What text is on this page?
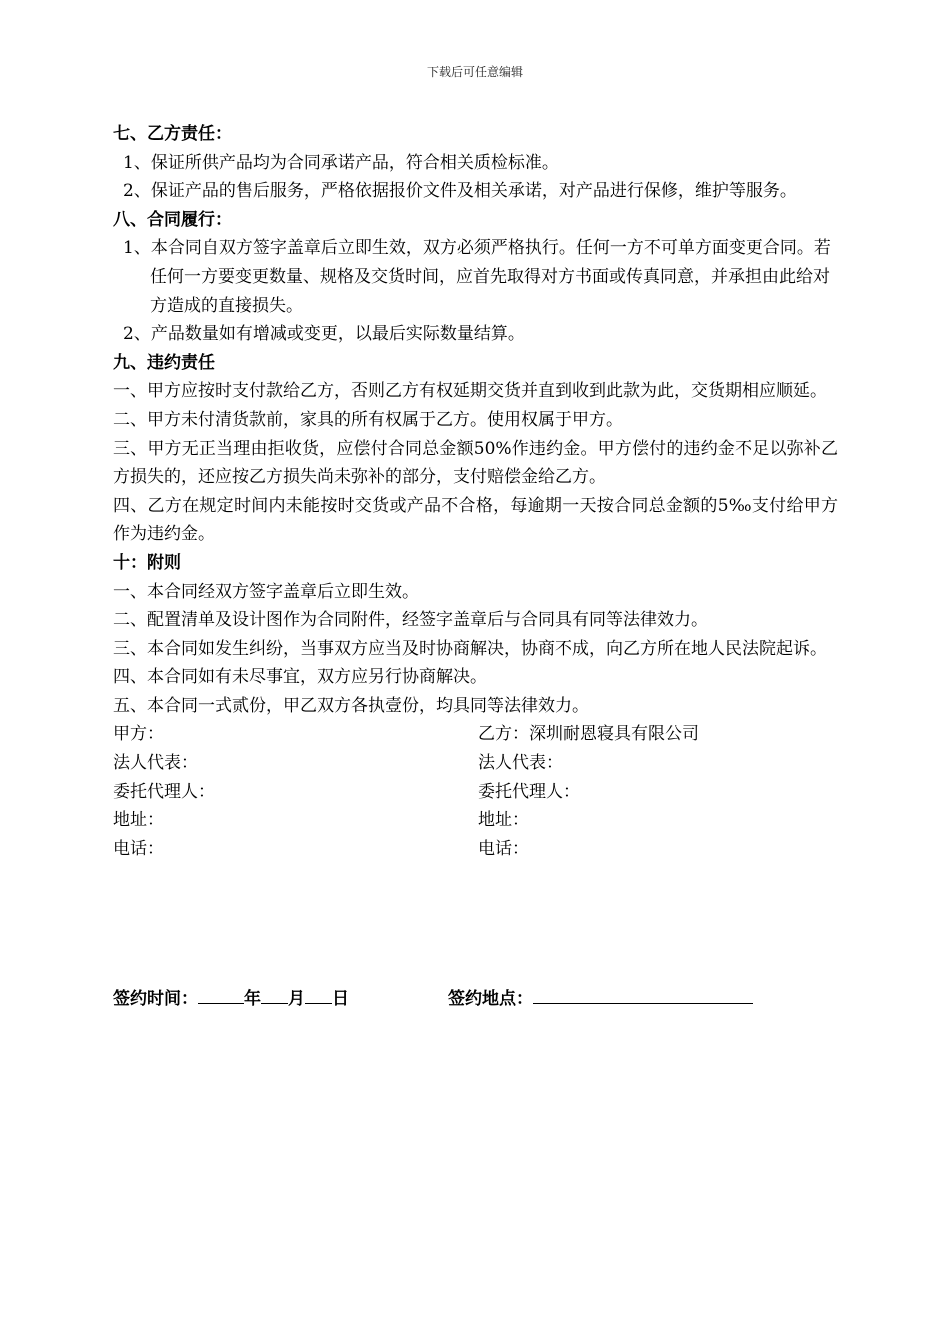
下载后可任意编辑
七、乙方责任：
1、保证所供产品均为合同承诺产品，符合相关质检标准。
2、保证产品的售后服务，严格依据报价文件及相关承诺，对产品进行保修，维护等服务。
八、合同履行：
1、本合同自双方签字盖章后立即生效，双方必须严格执行。任何一方不可单方面变更合同。若任何一方要变更数量、规格及交货时间，应首先取得对方书面或传真同意，并承担由此给对方造成的直接损失。
2、产品数量如有增减或变更，以最后实际数量结算。
九、违约责任
一、甲方应按时支付款给乙方，否则乙方有权延期交货并直到收到此款为此，交货期相应顺延。
二、甲方未付清货款前，家具的所有权属于乙方。使用权属于甲方。
三、甲方无正当理由拒收货，应偿付合同总金额50%作违约金。甲方偿付的违约金不足以弥补乙方损失的，还应按乙方损失尚未弥补的部分，支付赔偿金给乙方。
四、乙方在规定时间内未能按时交货或产品不合格，每逾期一天按合同总金额的5‰支付给甲方作为违约金。
十：附则
一、本合同经双方签字盖章后立即生效。
二、配置清单及设计图作为合同附件，经签字盖章后与合同具有同等法律效力。
三、本合同如发生纠纷，当事双方应当及时协商解决，协商不成，向乙方所在地人民法院起诉。
四、本合同如有未尽事宜，双方应另行协商解决。
五、本合同一式贰份，甲乙双方各执壹份，均具同等法律效力。
甲方：	乙方：深圳耐恩寝具有限公司
法人代表：	法人代表：
委托代理人：	委托代理人：
地址：	地址：
电话：	电话：
签约时间：	年 月 日	签约地点：
